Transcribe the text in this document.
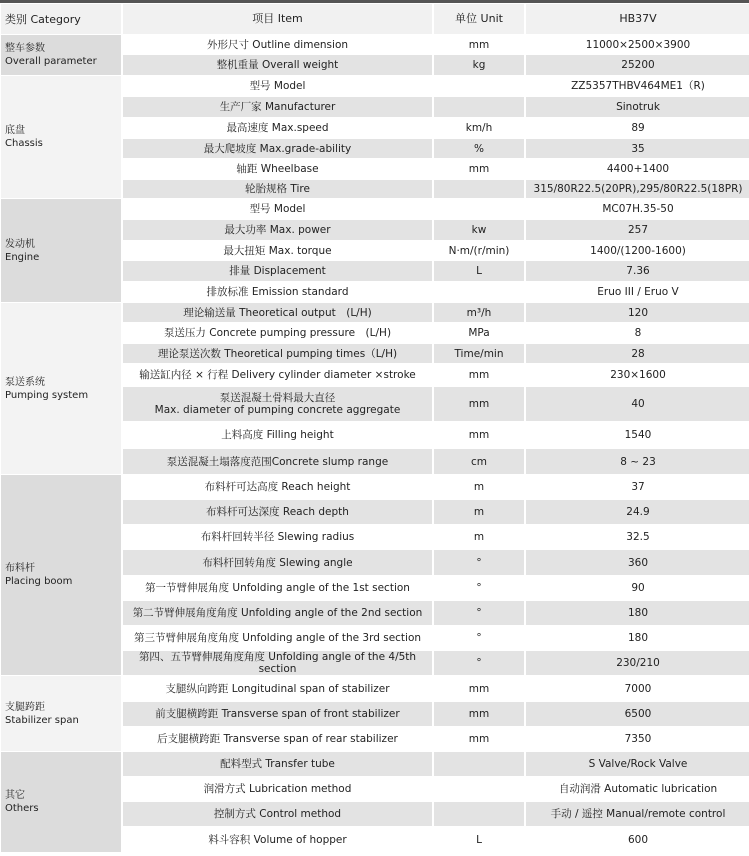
类别 Category	项目 Item	单位 Unit	HB37V

整车参数
Overall parameter	外形尺寸 Outline dimension	mm	11000×2500×3900
	整机重量 Overall weight	kg	25200

底盘
Chassis	型号 Model		ZZ5357THBV464ME1（R)
	生产厂家 Manufacturer		Sinotruk
	最高速度 Max.speed	km/h	89
	最大爬坡度 Max.grade-ability	%	35
	轴距 Wheelbase	mm	4400+1400
	轮胎规格 Tire		315/80R22.5(20PR),295/80R22.5(18PR)

发动机
Engine	型号 Model		MC07H.35-50
	最大功率 Max. power	kw	257
	最大扭矩 Max. torque	N·m/(r/min)	1400/(1200-1600)
	排量 Displacement	L	7.36
	排放标准 Emission standard		Eruo III / Eruo V

泵送系统
Pumping system	理论输送量 Theoretical output　(L/H)	m³/h	120
	泵送压力 Concrete pumping pressure　(L/H)	MPa	8
	理论泵送次数 Theoretical pumping times（L/H)	Time/min	28
	输送缸内径 × 行程 Delivery cylinder diameter ×stroke	mm	230×1600
	泵送混凝土骨料最大直径
Max. diameter of pumping concrete aggregate	mm	40
	上料高度 Filling height	mm	1540
	泵送混凝土塌落度范围Concrete slump range	cm	8 ~ 23

布料杆
Placing boom	布料杆可达高度 Reach height	m	37
	布料杆可达深度 Reach depth	m	24.9
	布料杆回转半径 Slewing radius	m	32.5
	布料杆回转角度 Slewing angle	°	360
	第一节臂伸展角度 Unfolding angle of the 1st section	°	90
	第二节臂伸展角度角度 Unfolding angle of the 2nd section	°	180
	第三节臂伸展角度角度 Unfolding angle of the 3rd section	°	180
	第四、五节臂伸展角度角度 Unfolding angle of the 4/5th section	°	230/210

支腿跨距
Stabilizer span	支腿纵向跨距 Longitudinal span of stabilizer	mm	7000
	前支腿横跨距 Transverse span of front stabilizer	mm	6500
	后支腿横跨距 Transverse span of rear stabilizer	mm	7350

其它
Others	配料型式 Transfer tube		S Valve/Rock Valve
	润滑方式 Lubrication method		自动润滑 Automatic lubrication
	控制方式 Control method		手动 / 遥控 Manual/remote control
	料斗容积 Volume of hopper	L	600
